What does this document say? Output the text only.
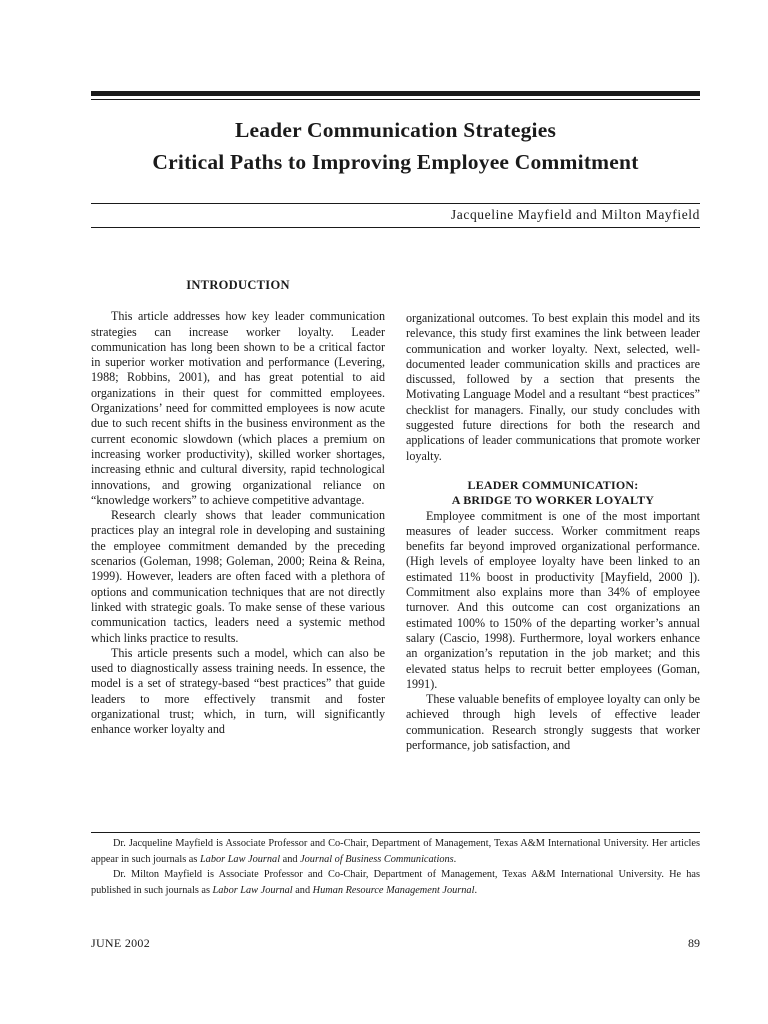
Leader Communication Strategies
Critical Paths to Improving Employee Commitment
Jacqueline Mayfield and Milton Mayfield
INTRODUCTION

This article addresses how key leader communication strategies can increase worker loyalty. Leader communication has long been shown to be a critical factor in superior worker motivation and performance (Levering, 1988; Robbins, 2001), and has great potential to aid organizations in their quest for committed employees. Organizations’ need for committed employees is now acute due to such recent shifts in the business environment as the current economic slowdown (which places a premium on increasing worker productivity), skilled worker shortages, increasing ethnic and cultural diversity, rapid technological innovations, and growing organizational reliance on “knowledge workers” to achieve competitive advantage.

Research clearly shows that leader communication practices play an integral role in developing and sustaining the employee commitment demanded by the preceding scenarios (Goleman, 1998; Goleman, 2000; Reina & Reina, 1999). However, leaders are often faced with a plethora of options and communication techniques that are not directly linked with strategic goals. To make sense of these various communication tactics, leaders need a systemic method which links practice to results.

This article presents such a model, which can also be used to diagnostically assess training needs. In essence, the model is a set of strategy-based “best practices” that guide leaders to more effectively transmit and foster organizational trust; which, in turn, will significantly enhance worker loyalty and

organizational outcomes. To best explain this model and its relevance, this study first examines the link between leader communication and worker loyalty. Next, selected, well-documented leader communication skills and practices are discussed, followed by a section that presents the Motivating Language Model and a resultant “best practices” checklist for managers. Finally, our study concludes with suggested future directions for both the research and applications of leader communications that promote worker loyalty.

LEADER COMMUNICATION:
A BRIDGE TO WORKER LOYALTY

Employee commitment is one of the most important measures of leader success. Worker commitment reaps benefits far beyond improved organizational performance. (High levels of employee loyalty have been linked to an estimated 11% boost in productivity [Mayfield, 2000 ]). Commitment also explains more than 34% of employee turnover. And this outcome can cost organizations an estimated 100% to 150% of the departing worker’s annual salary (Cascio, 1998). Furthermore, loyal workers enhance an organization’s reputation in the job market; and this elevated status helps to recruit better employees (Goman, 1991).

These valuable benefits of employee loyalty can only be achieved through high levels of effective leader communication. Research strongly suggests that worker performance, job satisfaction, and

Dr. Jacqueline Mayfield is Associate Professor and Co-Chair, Department of Management, Texas A&M International University. Her articles appear in such journals as Labor Law Journal and Journal of Business Communications.

Dr. Milton Mayfield is Associate Professor and Co-Chair, Department of Management, Texas A&M International University. He has published in such journals as Labor Law Journal and Human Resource Management Journal.

JUNE 2002	89
